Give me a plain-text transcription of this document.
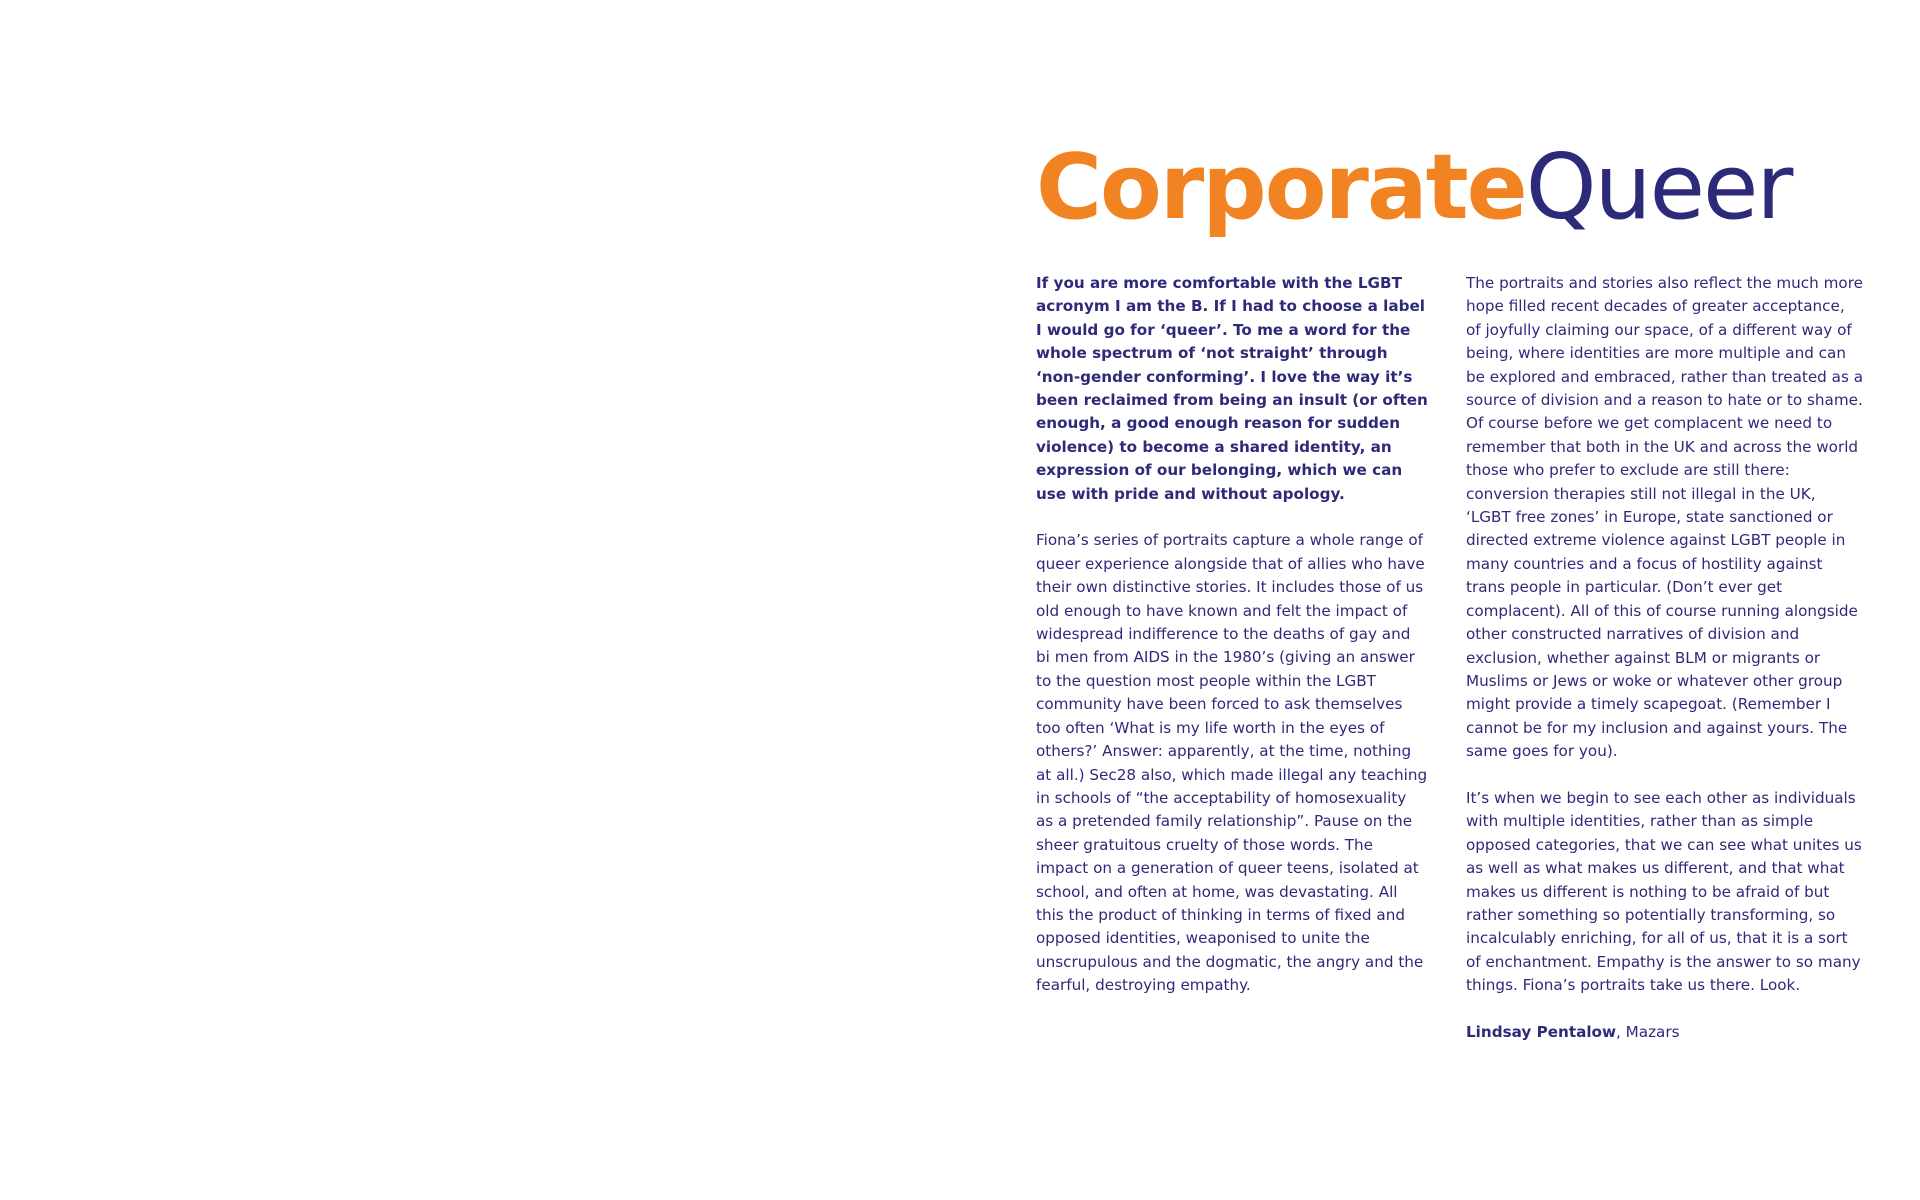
CorporateQueer

If you are more comfortable with the LGBT acronym I am the B. If I had to choose a label I would go for ‘queer’. To me a word for the whole spectrum of ‘not straight’ through ‘non-gender conforming’. I love the way it’s been reclaimed from being an insult (or often enough, a good enough reason for sudden violence) to become a shared identity, an expression of our belonging, which we can use with pride and without apology.

Fiona’s series of portraits capture a whole range of queer experience alongside that of allies who have their own distinctive stories. It includes those of us old enough to have known and felt the impact of widespread indifference to the deaths of gay and bi men from AIDS in the 1980’s (giving an answer to the question most people within the LGBT community have been forced to ask themselves too often ‘What is my life worth in the eyes of others?’ Answer: apparently, at the time, nothing at all.) Sec28 also, which made illegal any teaching in schools of “the acceptability of homosexuality as a pretended family relationship”. Pause on the sheer gratuitous cruelty of those words. The impact on a generation of queer teens, isolated at school, and often at home, was devastating. All this the product of thinking in terms of fixed and opposed identities, weaponised to unite the unscrupulous and the dogmatic, the angry and the fearful, destroying empathy.

The portraits and stories also reflect the much more hope filled recent decades of greater acceptance, of joyfully claiming our space, of a different way of being, where identities are more multiple and can be explored and embraced, rather than treated as a source of division and a reason to hate or to shame. Of course before we get complacent we need to remember that both in the UK and across the world those who prefer to exclude are still there: conversion therapies still not illegal in the UK, ‘LGBT free zones’ in Europe, state sanctioned or directed extreme violence against LGBT people in many countries and a focus of hostility against trans people in particular. (Don’t ever get complacent). All of this of course running alongside other constructed narratives of division and exclusion, whether against BLM or migrants or Muslims or Jews or woke or whatever other group might provide a timely scapegoat. (Remember I cannot be for my inclusion and against yours. The same goes for you).

It’s when we begin to see each other as individuals with multiple identities, rather than as simple opposed categories, that we can see what unites us as well as what makes us different, and that what makes us different is nothing to be afraid of but rather something so potentially transforming, so incalculably enriching, for all of us, that it is a sort of enchantment. Empathy is the answer to so many things. Fiona’s portraits take us there. Look.

Lindsay Pentalow, Mazars
